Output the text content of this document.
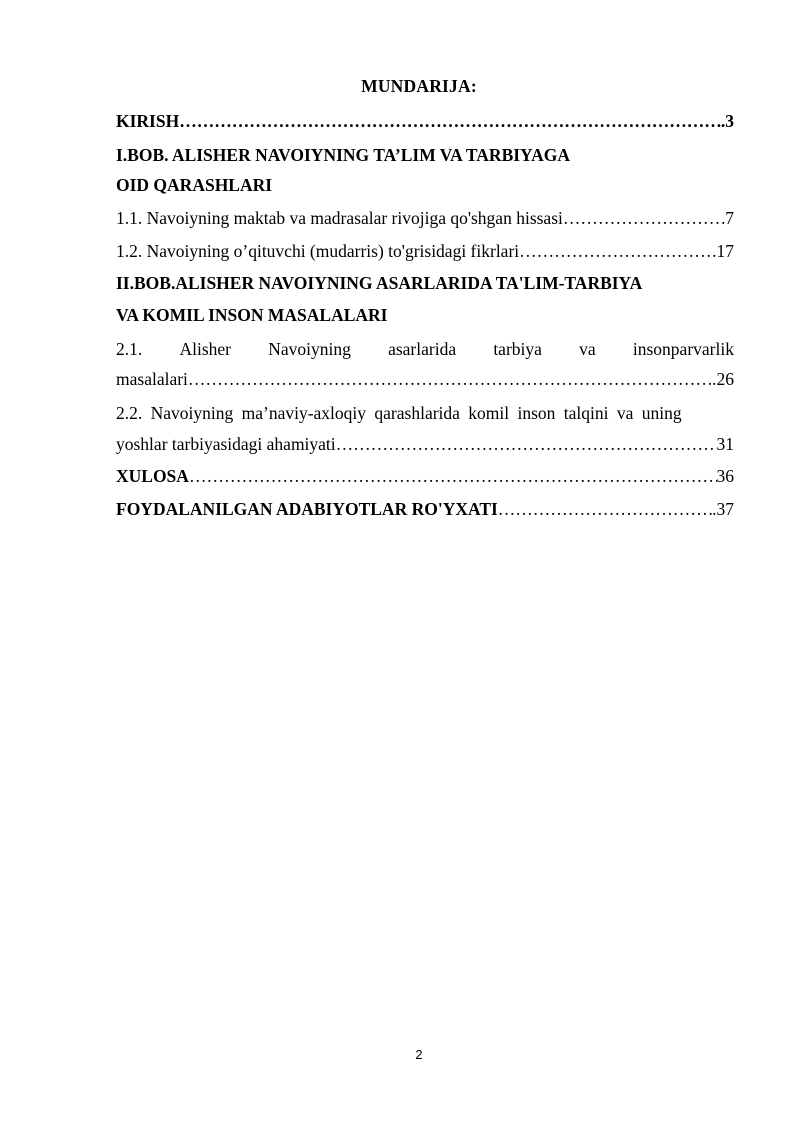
MUNDARIJA:
KIRISH ……………………………………………………………………………………………………………………………………………………	.3
I.BOB. ALISHER NAVOIYNING TA’LIM VA TARBIYAGA
OID QARASHLARI
1.1. Navoiyning maktab va madrasalar rivojiga qo'shgan hissasi ……………………………………………………………………………………………………………………………………………………	7
1.2. Navoiyning o’qituvchi (mudarris) to'grisidagi fikrlari ……………………………………………………………………………………………………………………………………………………	.17
II.BOB.ALISHER NAVOIYNING ASARLARIDA TA'LIM-TARBIYA
VA KOMIL INSON MASALALARI
2.1. Alisher Navoiyning asarlarida tarbiya va insonparvarlik
masalalari ……………………………………………………………………………………………………………………………………………………	..26
2.2. Navoiyning ma’naviy-axloqiy qarashlarida komil inson talqini va uning
yoshlar tarbiyasidagi ahamiyati ……………………………………………………………………………………………………………………………………………………	31
XULOSA ……………………………………………………………………………………………………………………………………………………	36
FOYDALANILGAN ADABIYOTLAR RO'YXATI ……………………………………………………………………………………………………………………………………………………	.37
2
